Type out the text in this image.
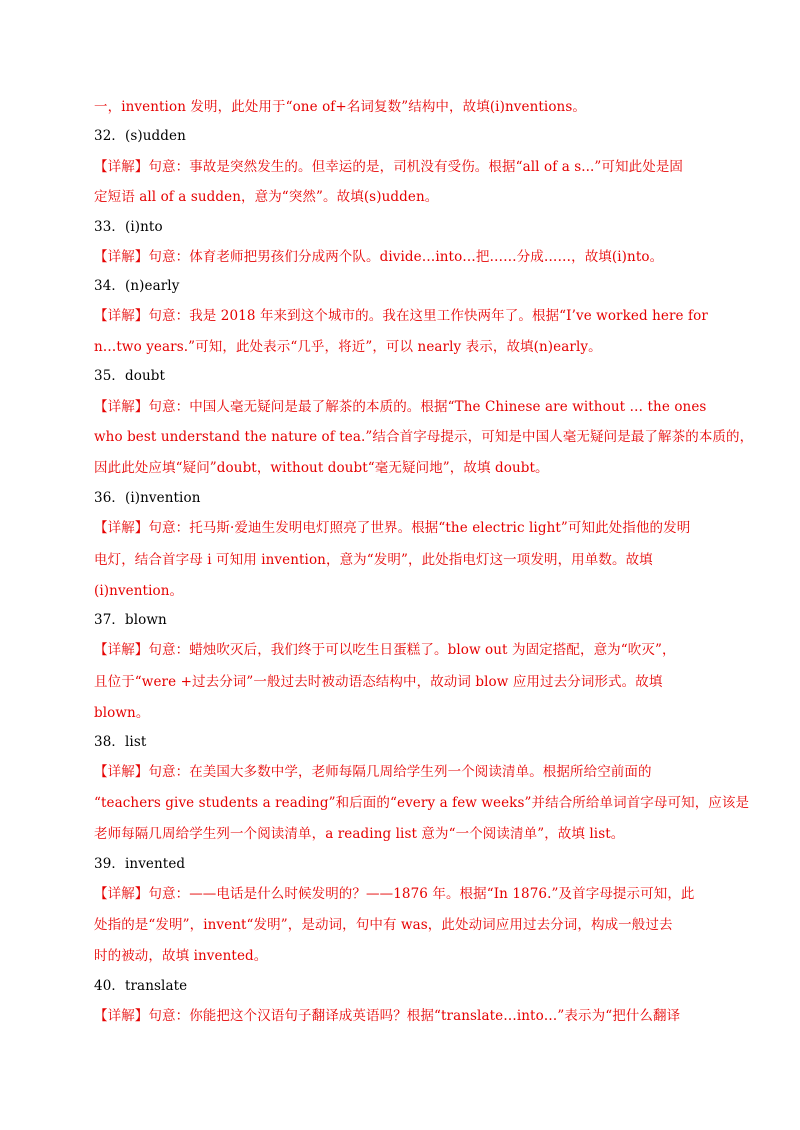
一，invention 发明，此处用于“one of+名词复数”结构中，故填(i)nventions。
32．(s)udden
【详解】句意：事故是突然发生的。但幸运的是，司机没有受伤。根据“all of a s...”可知此处是固
定短语 all of a sudden，意为“突然”。故填(s)udden。
33．(i)nto
【详解】句意：体育老师把男孩们分成两个队。divide…into…把……分成……，故填(i)nto。
34．(n)early
【详解】句意：我是 2018 年来到这个城市的。我在这里工作快两年了。根据“I’ve worked here for
n…two years.”可知，此处表示“几乎，将近”，可以 nearly 表示，故填(n)early。
35．doubt
【详解】句意：中国人毫无疑问是最了解茶的本质的。根据“The Chinese are without … the ones
who best understand the nature of tea.”结合首字母提示，可知是中国人毫无疑问是最了解茶的本质的，
因此此处应填“疑问”doubt，without doubt“毫无疑问地”，故填 doubt。
36．(i)nvention
【详解】句意：托马斯·爱迪生发明电灯照亮了世界。根据“the electric light”可知此处指他的发明
电灯，结合首字母 i 可知用 invention，意为“发明”，此处指电灯这一项发明，用单数。故填
(i)nvention。
37．blown
【详解】句意：蜡烛吹灭后，我们终于可以吃生日蛋糕了。blow out 为固定搭配，意为“吹灭”，
且位于“were +过去分词”一般过去时被动语态结构中，故动词 blow 应用过去分词形式。故填
blown。
38．list
【详解】句意：在美国大多数中学，老师每隔几周给学生列一个阅读清单。根据所给空前面的
“teachers give students a reading”和后面的“every a few weeks”并结合所给单词首字母可知，应该是
老师每隔几周给学生列一个阅读清单，a reading list 意为“一个阅读清单”，故填 list。
39．invented
【详解】句意：——电话是什么时候发明的？——1876 年。根据“In 1876.”及首字母提示可知，此
处指的是“发明”，invent“发明”，是动词，句中有 was，此处动词应用过去分词，构成一般过去
时的被动，故填 invented。
40．translate
【详解】句意：你能把这个汉语句子翻译成英语吗？根据“translate…into…”表示为“把什么翻译
